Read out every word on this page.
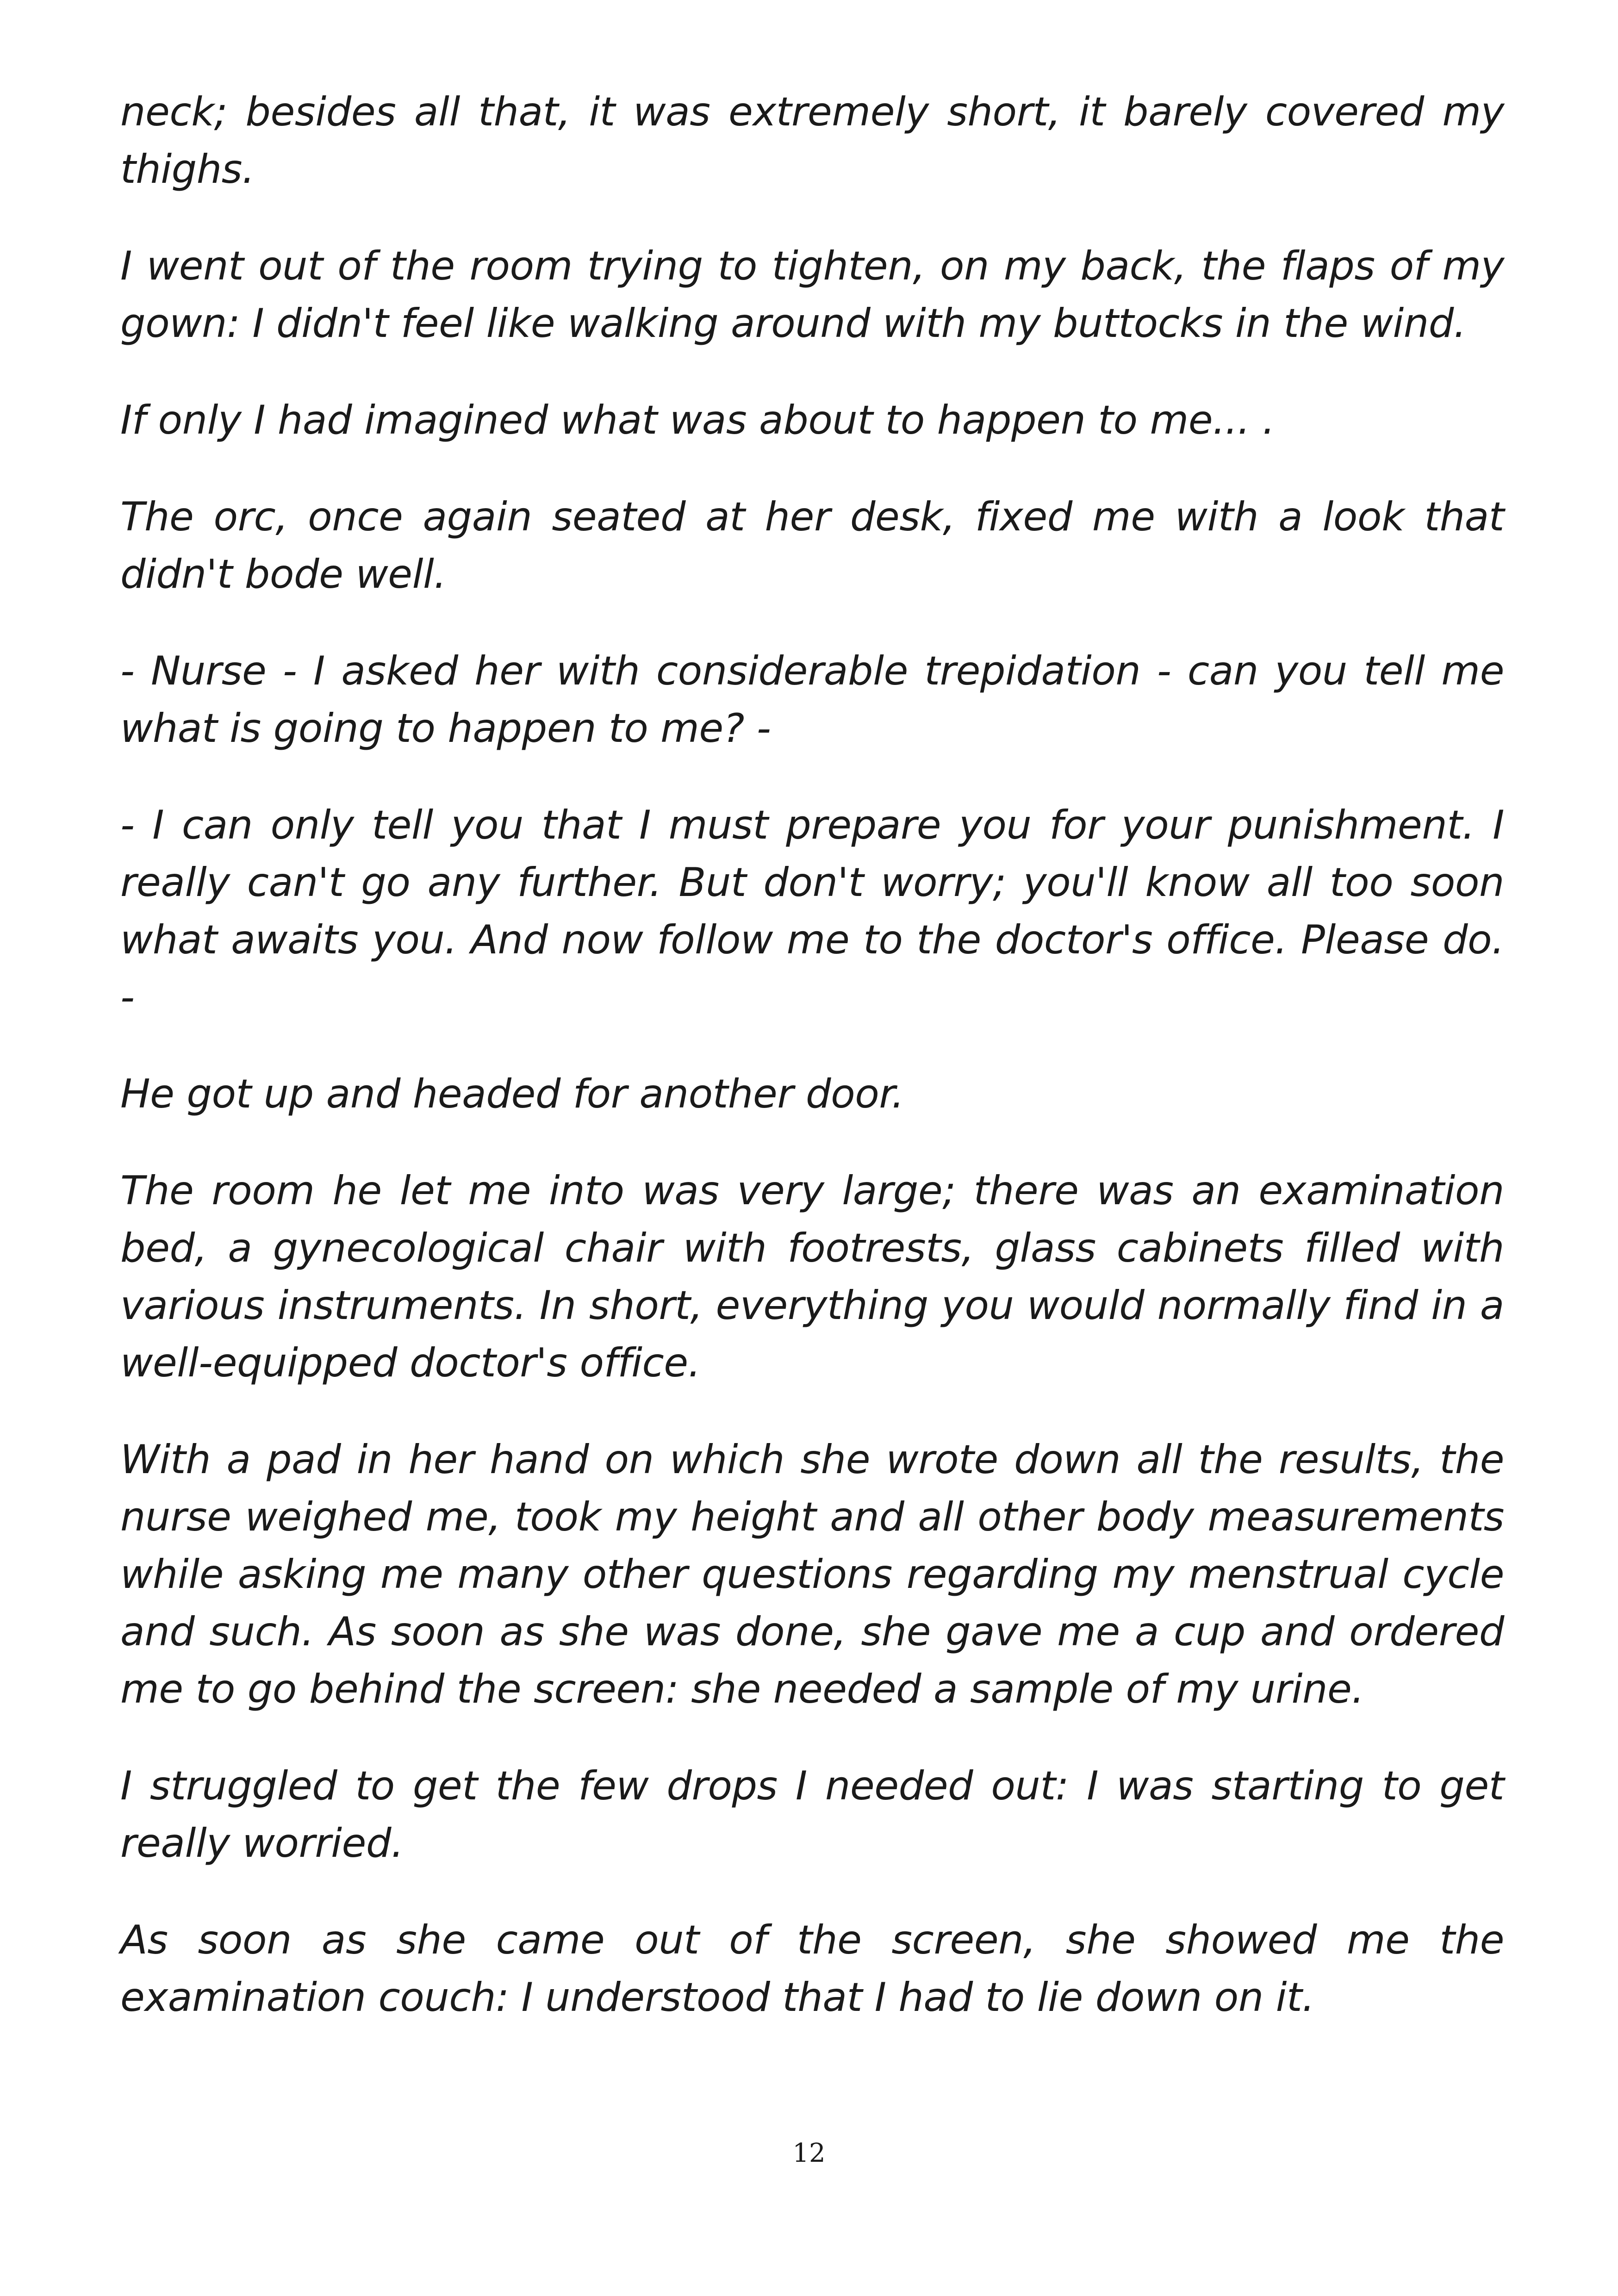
neck; besides all that, it was extremely short, it barely covered my thighs.

I went out of the room trying to tighten, on my back, the flaps of my gown: I didn't feel like walking around with my buttocks in the wind.

If only I had imagined what was about to happen to me... .

The orc, once again seated at her desk, fixed me with a look that didn't bode well.

- Nurse - I asked her with considerable trepidation - can you tell me what is going to happen to me? -

- I can only tell you that I must prepare you for your punishment. I really can't go any further. But don't worry; you'll know all too soon what awaits you. And now follow me to the doctor's office. Please do. -

He got up and headed for another door.

The room he let me into was very large; there was an examination bed, a gynecological chair with footrests, glass cabinets filled with various instruments. In short, everything you would normally find in a well-equipped doctor's office.

With a pad in her hand on which she wrote down all the results, the nurse weighed me, took my height and all other body measurements while asking me many other questions regarding my menstrual cycle and such. As soon as she was done, she gave me a cup and ordered me to go behind the screen: she needed a sample of my urine.

I struggled to get the few drops I needed out: I was starting to get really worried.

As soon as she came out of the screen, she showed me the examination couch: I understood that I had to lie down on it.

12
